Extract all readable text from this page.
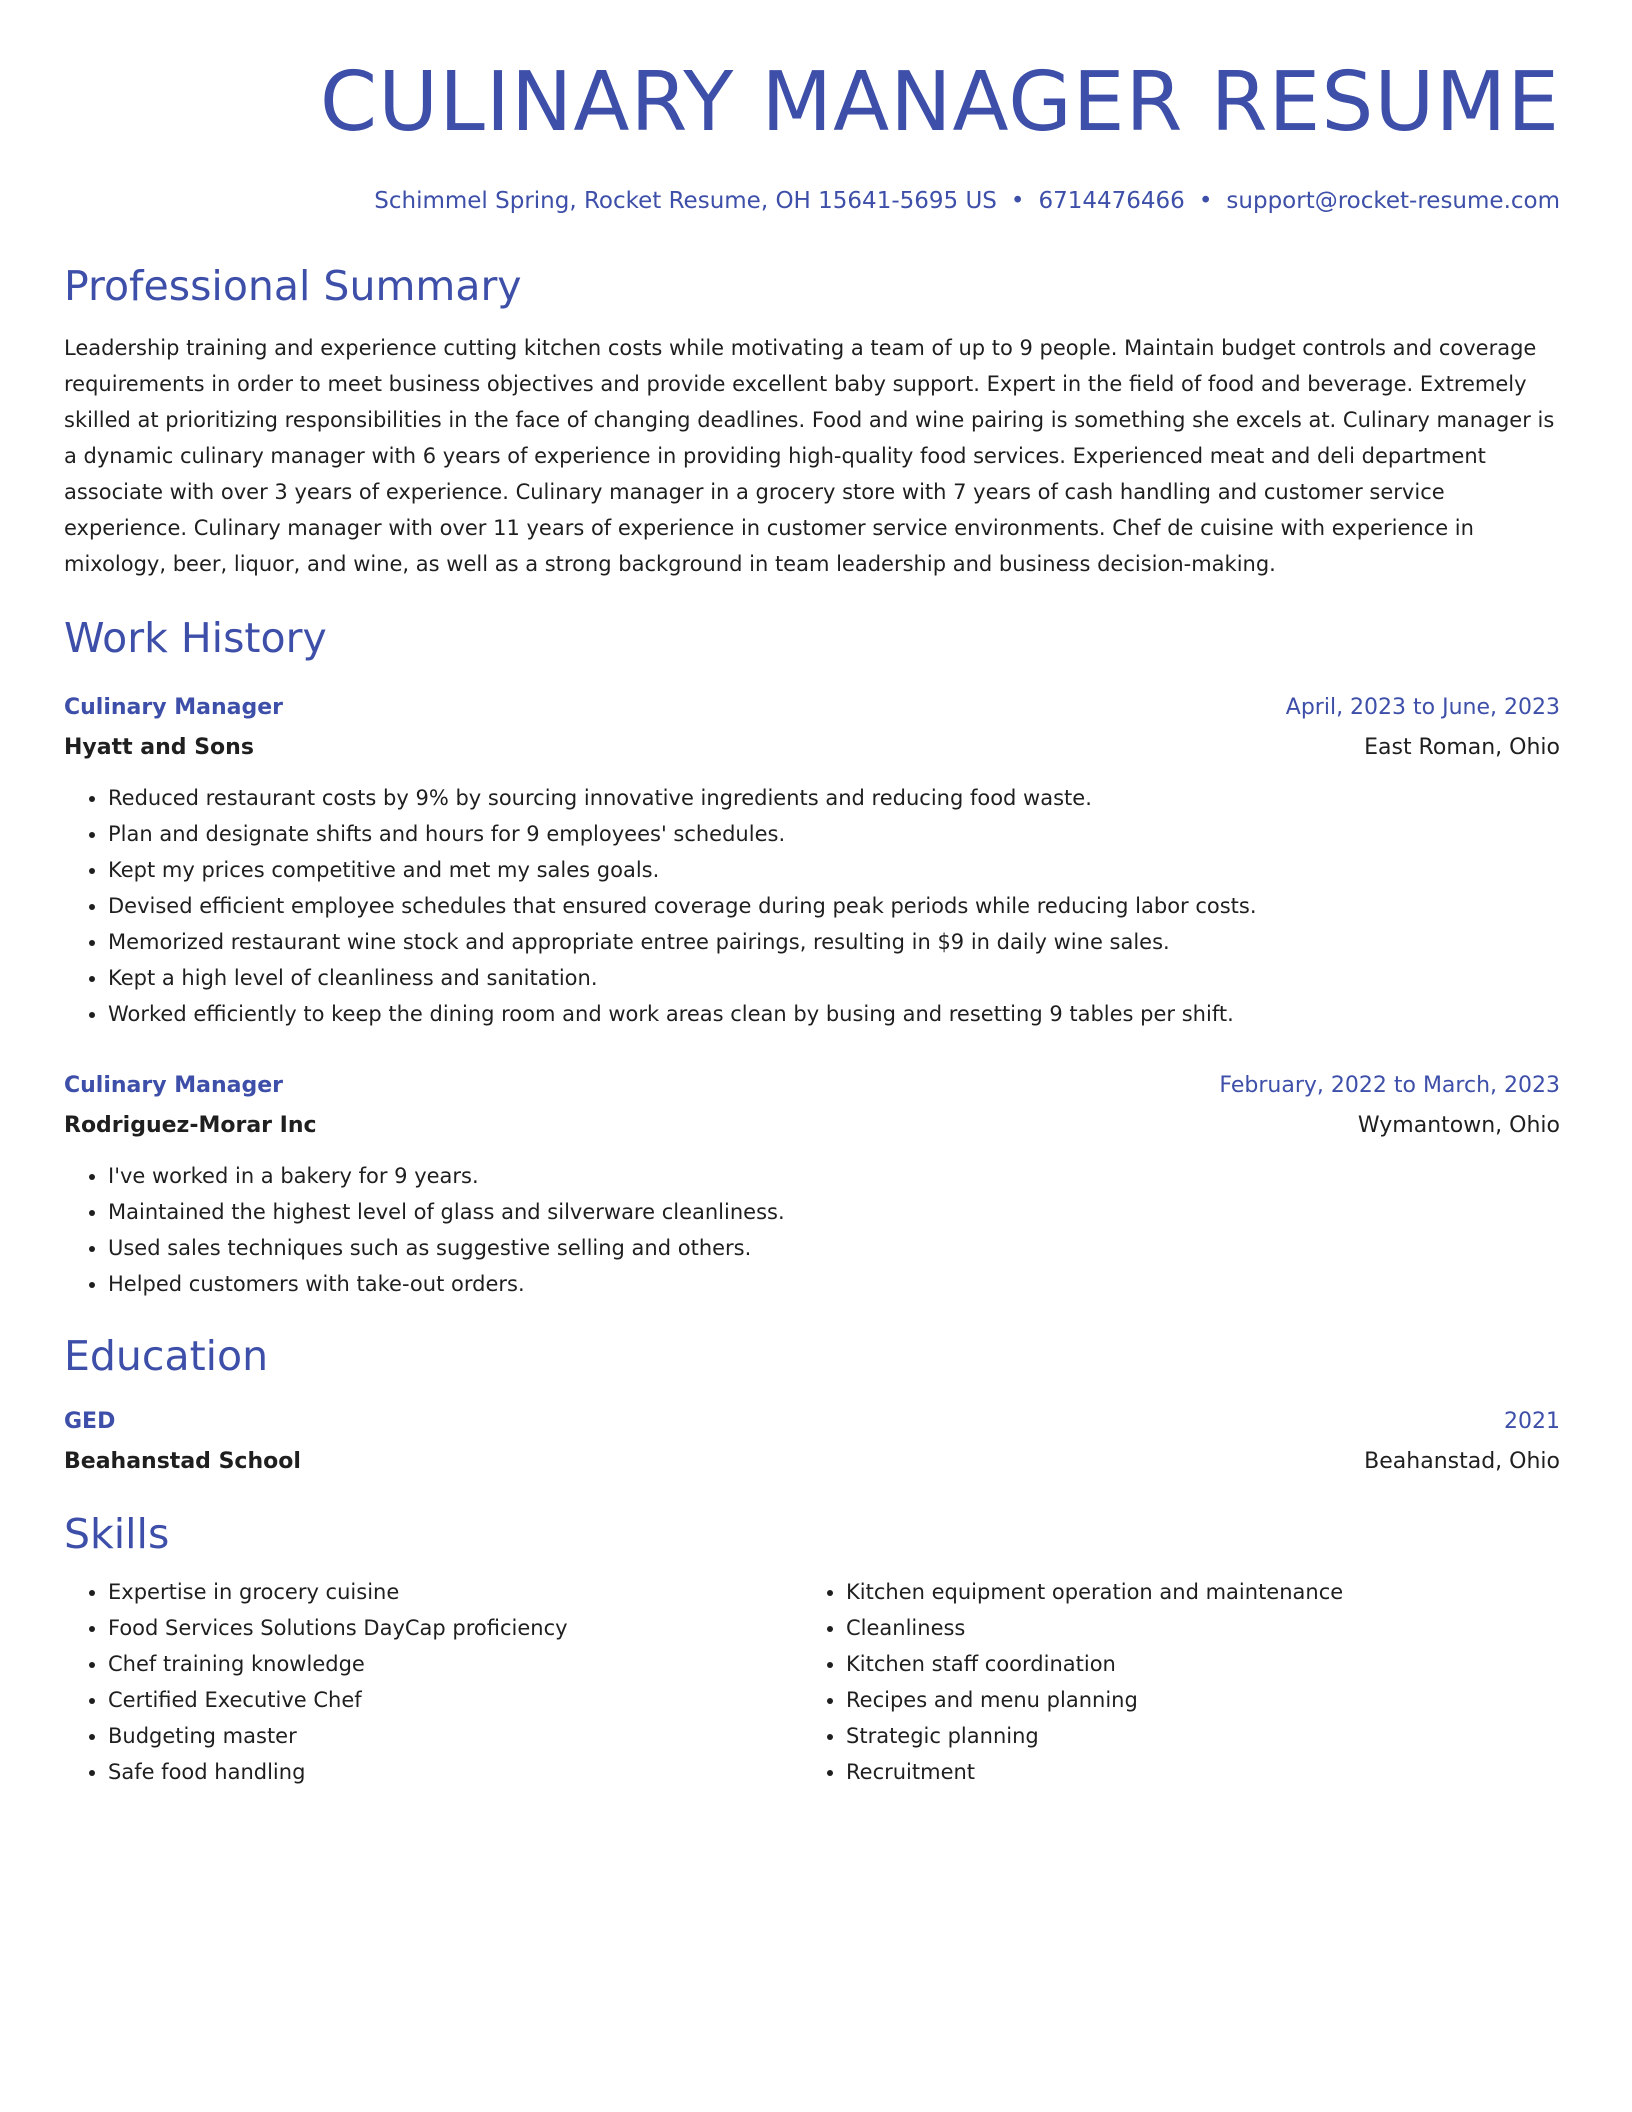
CULINARY MANAGER RESUME
Schimmel Spring, Rocket Resume, OH 15641-5695 US • 6714476466 • support@rocket-resume.com
Professional Summary
Leadership training and experience cutting kitchen costs while motivating a team of up to 9 people. Maintain budget controls and coverage requirements in order to meet business objectives and provide excellent baby support. Expert in the field of food and beverage. Extremely skilled at prioritizing responsibilities in the face of changing deadlines. Food and wine pairing is something she excels at. Culinary manager is a dynamic culinary manager with 6 years of experience in providing high-quality food services. Experienced meat and deli department associate with over 3 years of experience. Culinary manager in a grocery store with 7 years of cash handling and customer service experience. Culinary manager with over 11 years of experience in customer service environments. Chef de cuisine with experience in mixology, beer, liquor, and wine, as well as a strong background in team leadership and business decision-making.
Work History
Culinary Manager	April, 2023 to June, 2023
Hyatt and Sons	East Roman, Ohio
• Reduced restaurant costs by 9% by sourcing innovative ingredients and reducing food waste.
• Plan and designate shifts and hours for 9 employees' schedules.
• Kept my prices competitive and met my sales goals.
• Devised efficient employee schedules that ensured coverage during peak periods while reducing labor costs.
• Memorized restaurant wine stock and appropriate entree pairings, resulting in $9 in daily wine sales.
• Kept a high level of cleanliness and sanitation.
• Worked efficiently to keep the dining room and work areas clean by busing and resetting 9 tables per shift.
Culinary Manager	February, 2022 to March, 2023
Rodriguez-Morar Inc	Wymantown, Ohio
• I've worked in a bakery for 9 years.
• Maintained the highest level of glass and silverware cleanliness.
• Used sales techniques such as suggestive selling and others.
• Helped customers with take-out orders.
Education
GED	2021
Beahanstad School	Beahanstad, Ohio
Skills
• Expertise in grocery cuisine
• Food Services Solutions DayCap proficiency
• Chef training knowledge
• Certified Executive Chef
• Budgeting master
• Safe food handling
• Kitchen equipment operation and maintenance
• Cleanliness
• Kitchen staff coordination
• Recipes and menu planning
• Strategic planning
• Recruitment
